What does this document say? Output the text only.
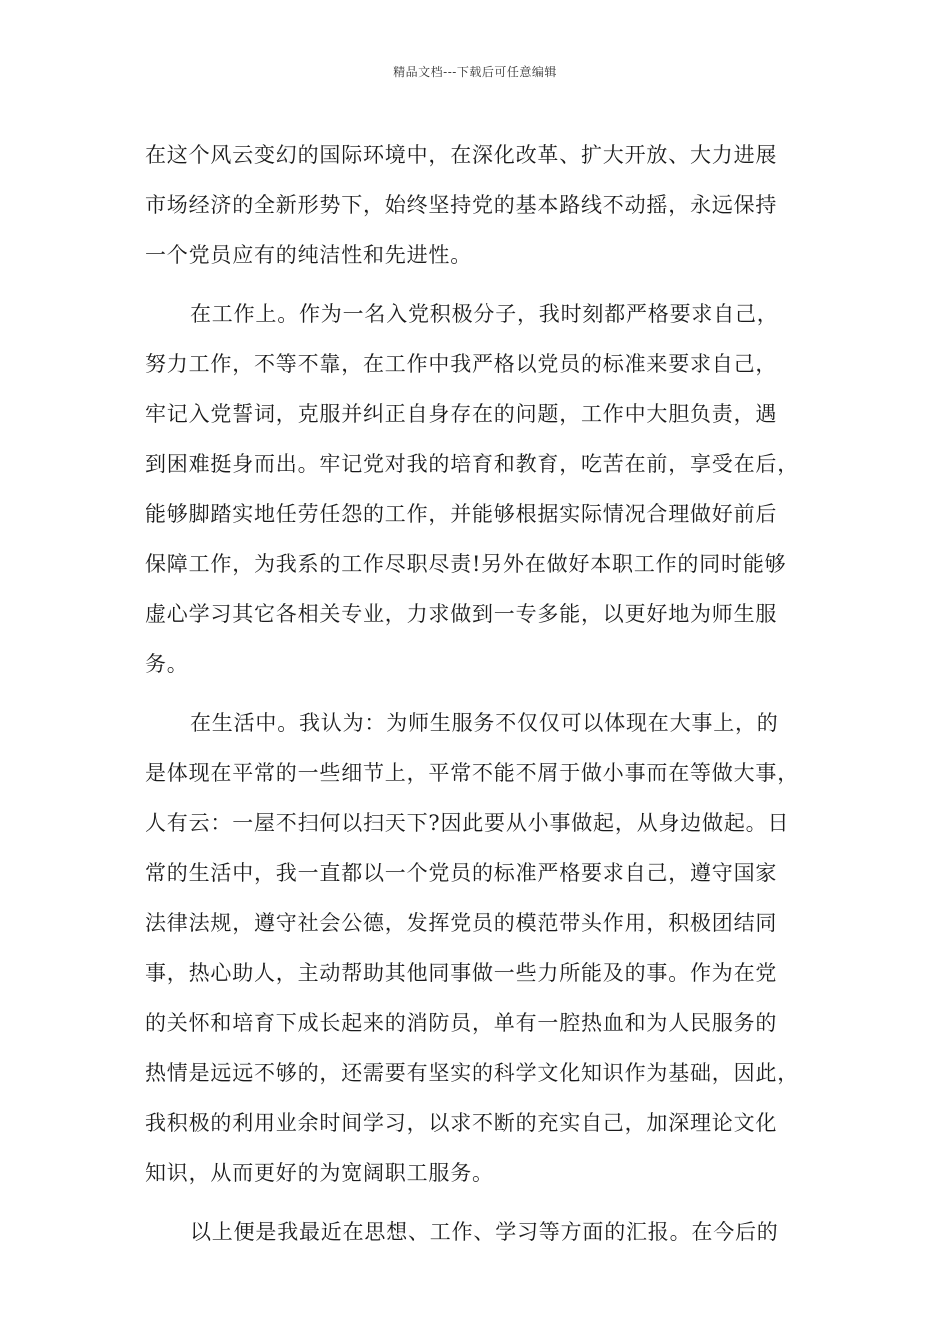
精品文档---下载后可任意编辑
在这个风云变幻的国际环境中，在深化改革、扩大开放、大力进展
市场经济的全新形势下，始终坚持党的基本路线不动摇，永远保持
一个党员应有的纯洁性和先进性。
在工作上。作为一名入党积极分子，我时刻都严格要求自己，
努力工作，不等不靠，在工作中我严格以党员的标准来要求自己，
牢记入党誓词，克服并纠正自身存在的问题，工作中大胆负责，遇
到困难挺身而出。牢记党对我的培育和教育，吃苦在前，享受在后，
能够脚踏实地任劳任怨的工作，并能够根据实际情况合理做好前后
保障工作，为我系的工作尽职尽责!另外在做好本职工作的同时能够
虚心学习其它各相关专业，力求做到一专多能，以更好地为师生服
务。
在生活中。我认为：为师生服务不仅仅可以体现在大事上，的
是体现在平常的一些细节上，平常不能不屑于做小事而在等做大事，
人有云：一屋不扫何以扫天下?因此要从小事做起，从身边做起。日
常的生活中，我一直都以一个党员的标准严格要求自己，遵守国家
法律法规，遵守社会公德，发挥党员的模范带头作用，积极团结同
事，热心助人，主动帮助其他同事做一些力所能及的事。作为在党
的关怀和培育下成长起来的消防员，单有一腔热血和为人民服务的
热情是远远不够的，还需要有坚实的科学文化知识作为基础，因此，
我积极的利用业余时间学习，以求不断的充实自己，加深理论文化
知识，从而更好的为宽阔职工服务。
以上便是我最近在思想、工作、学习等方面的汇报。在今后的
